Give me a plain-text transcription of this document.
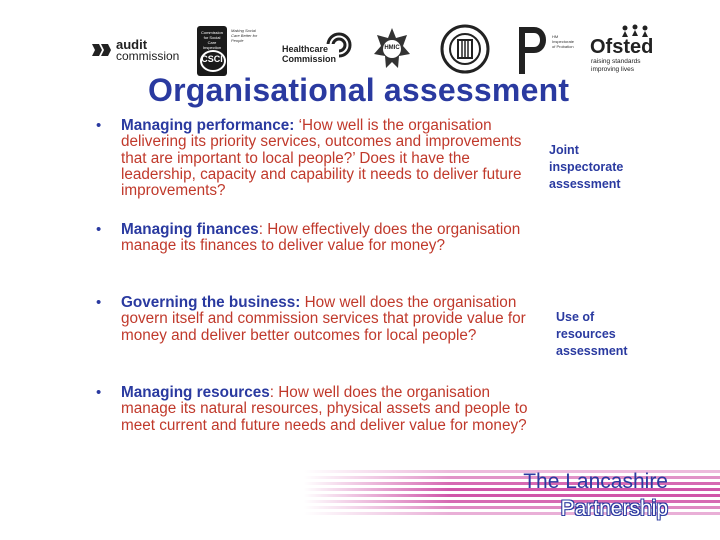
audit
commission
Commission for Social Care Inspection
CSCI
Making Social Care Better for People
Healthcare
Commission
HMIC
HM Inspectorate of Probation Ofsted
raising standards
improving lives
Organisational assessment
• Managing performance: ‘How well is the organisation delivering its priority services, outcomes and improvements that are important to local people?’ Does it have the leadership, capacity and capability it needs to deliver future improvements?
• Managing finances: How effectively does the organisation manage its finances to deliver value for money?
• Governing the business: How well does the organisation govern itself and commission services that provide value for money and deliver better outcomes for local people?
• Managing resources: How well does the organisation manage its natural resources, physical assets and people to meet current and future needs and deliver value for money?
Joint
inspectorate
assessment
Use of
resources
assessment
The Lancashire
Partnership
